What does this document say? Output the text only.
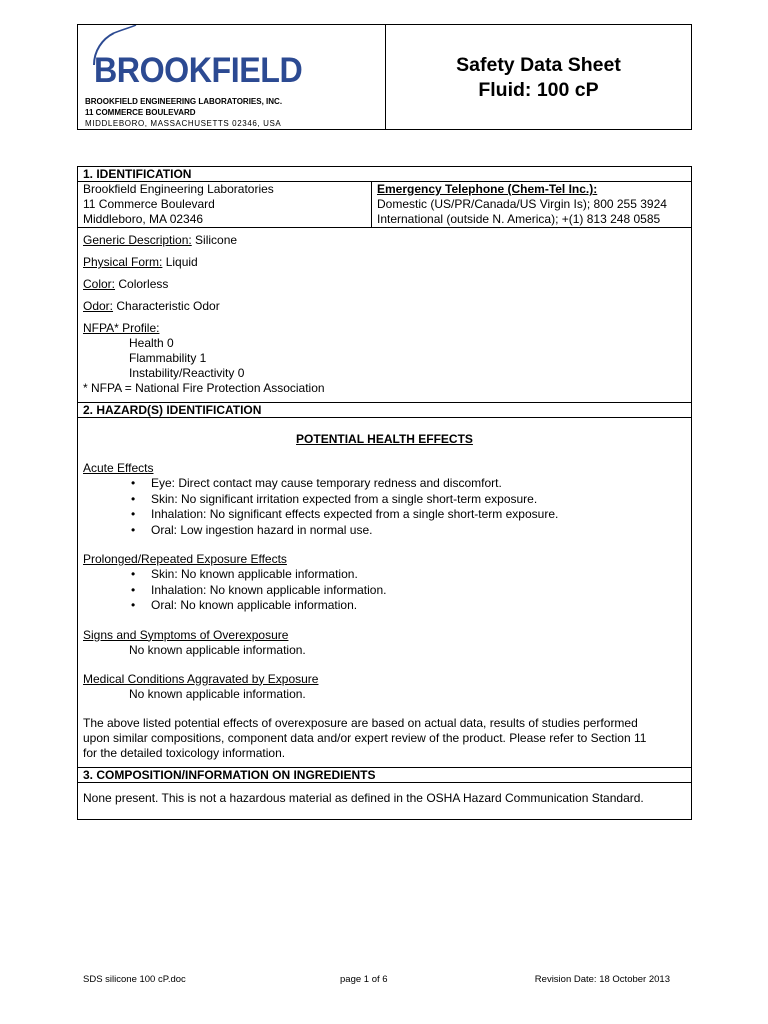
BROOKFIELD
BROOKFIELD ENGINEERING LABORATORIES, INC.
11 COMMERCE BOULEVARD
MIDDLEBORO, MASSACHUSETTS 02346, USA
Safety Data Sheet
Fluid: 100 cP
1. IDENTIFICATION
Brookfield Engineering Laboratories
11 Commerce Boulevard
Middleboro, MA 02346
Emergency Telephone (Chem-Tel Inc.):
Domestic (US/PR/Canada/US Virgin Is); 800 255 3924
International (outside N. America); +(1) 813 248 0585

Generic Description: Silicone

Physical Form: Liquid

Color: Colorless

Odor: Characteristic Odor

NFPA* Profile:

Health 0

Flammability 1

Instability/Reactivity 0

* NFPA = National Fire Protection Association

2. HAZARD(S) IDENTIFICATION

POTENTIAL HEALTH EFFECTS

Acute Effects

• Eye: Direct contact may cause temporary redness and discomfort.
• Skin: No significant irritation expected from a single short-term exposure.
• Inhalation: No significant effects expected from a single short-term exposure.
• Oral: Low ingestion hazard in normal use.

Prolonged/Repeated Exposure Effects

• Skin: No known applicable information.
• Inhalation: No known applicable information.
• Oral: No known applicable information.

Signs and Symptoms of Overexposure

No known applicable information.

Medical Conditions Aggravated by Exposure

No known applicable information.

The above listed potential effects of overexposure are based on actual data, results of studies performed

upon similar compositions, component data and/or expert review of the product. Please refer to Section 11

for the detailed toxicology information.

3. COMPOSITION/INFORMATION ON INGREDIENTS
None present. This is not a hazardous material as defined in the OSHA Hazard Communication Standard.
SDS silicone 100 cP.doc	page 1 of 6	Revision Date: 18 October 2013
